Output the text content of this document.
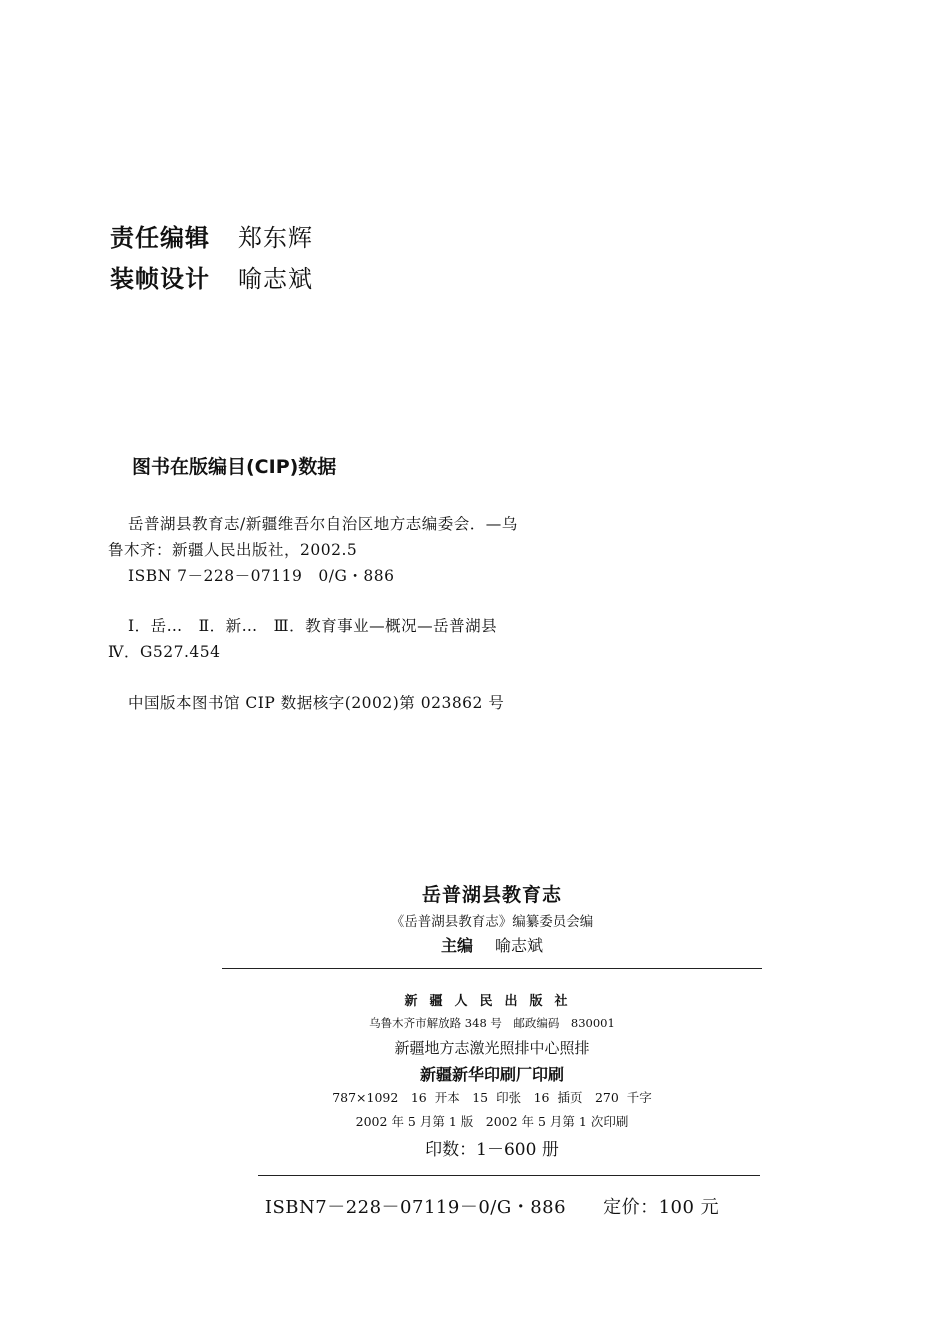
责任编辑 郑东辉
装帧设计 喻志斌
图书在版编目(CIP)数据
岳普湖县教育志/新疆维吾尔自治区地方志编委会．—乌
鲁木齐：新疆人民出版社，2002.5
ISBN 7－228－07119　0/G・886
Ⅰ．岳…　Ⅱ．新…　Ⅲ．教育事业—概况—岳普湖县
Ⅳ．G527.454
中国版本图书馆 CIP 数据核字(2002)第 023862 号
岳普湖县教育志
《岳普湖县教育志》编纂委员会编
主编 喻志斌
新疆人民出版社
乌鲁木齐市解放路 348 号　邮政编码　830001
新疆地方志激光照排中心照排
新疆新华印刷厂印刷
787×1092　16 开本　15 印张　16 插页　270 千字
2002 年 5 月第 1 版　2002 年 5 月第 1 次印刷
印数：1－600 册
ISBN7－228－07119－0/G・886　　定价：100 元
